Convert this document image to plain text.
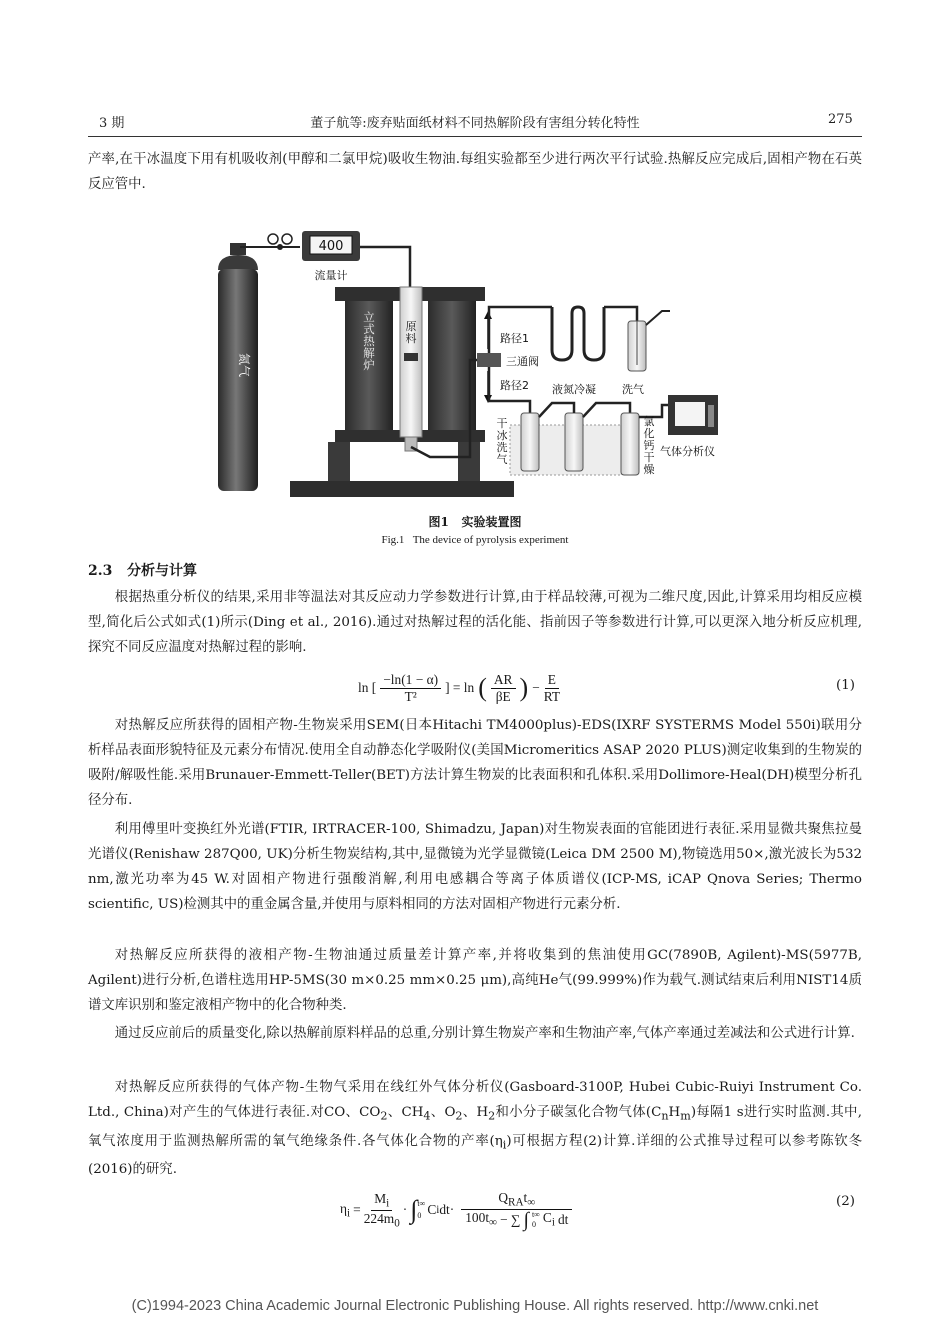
3 期	董子航等:废弃贴面纸材料不同热解阶段有害组分转化特性	275

产率,在干冰温度下用有机吸收剂(甲醇和二氯甲烷)吸收生物油.每组实验都至少进行两次平行试验.热解反应完成后,固相产物在石英反应管中.

氮气
400
流量计
立式热解炉
原料
三通阀
路径1
路径2 液氮冷凝 洗气
干冰洗气
氯化钙干燥
气体分析仪
图1 实验装置图
Fig.1 The device of pyrolysis experiment
2.3 分析与计算

根据热重分析仪的结果,采用非等温法对其反应动力学参数进行计算,由于样品较薄,可视为二维尺度,因此,计算采用均相反应模型,简化后公式如式(1)所示(Ding et al., 2016).通过对热解过程的活化能、指前因子等参数进行计算,可以更深入地分析反应机理,探究不同反应温度对热解过程的影响.

ln [ $\frac{-\ln(1 - \alpha)}{\text{T²}}$ ] = ln ( AR
βE ) − $\frac{E}{RT}$	(1)

对热解反应所获得的固相产物-生物炭采用SEM(日本Hitachi TM4000plus)-EDS(IXRF SYSTERMS Model 550i)联用分析样品表面形貌特征及元素分布情况.使用全自动静态化学吸附仪(美国Micromeritics ASAP 2020 PLUS)测定收集到的生物炭的吸附/解吸性能.采用Brunauer-Emmett-Teller(BET)方法计算生物炭的比表面积和孔体积.采用Dollimore-Heal(DH)模型分析孔径分布.

利用傅里叶变换红外光谱(FTIR, IRTRACER-100, Shimadzu, Japan)对生物炭表面的官能团进行表征.采用显微共聚焦拉曼光谱仪(Renishaw 287Q00, UK)分析生物炭结构,其中,显微镜为光学显微镜(Leica DM 2500 M),物镜选用50×,激光波长为532 nm,激光功率为45 W.对固相产物进行强酸消解,利用电感耦合等离子体质谱仪(ICP-MS, iCAP Qnova Series; Thermo scientific, US)检测其中的重金属含量,并使用与原料相同的方法对固相产物进行元素分析.

对热解反应所获得的液相产物-生物油通过质量差计算产率,并将收集到的焦油使用GC(7890B, Agilent)-MS(5977B, Agilent)进行分析,色谱柱选用HP-5MS(30 m×0.25 mm×0.25 μm),高纯He气(99.999%)作为载气.测试结束后利用NIST14质谱文库识别和鉴定液相产物中的化合物种类.

通过反应前后的质量变化,除以热解前原料样品的总重,分别计算生物炭产率和生物油产率,气体产率通过差减法和公式进行计算.

对热解反应所获得的气体产物-生物气采用在线红外气体分析仪(Gasboard-3100P, Hubei Cubic-Ruiyi Instrument Co. Ltd., China)对产生的气体进行表征.对CO、$CO_2$、$CH_4$、$O_2$、$H_2$和小分子碳氢化合物气体$(C_nH_m)$每隔1 s进行实时监测.其中,氧气浓度用于监测热解所需的氧气绝缘条件.各气体化合物的产率$(\eta_i)$可根据方程(2)计算.详细的公式推导过程可以参考陈钦冬(2016)的研究.

$\eta_i = \frac{M_i}{224m_0}$ · ∫ t∞
0 C i dt·
$Q_{RA}t_\infty$
$100t_\infty$ − ∑ ∫ t∞
0 $C_i$ dt
(2)
(C)1994-2023 China Academic Journal Electronic Publishing House. All rights reserved. http://www.cnki.net
